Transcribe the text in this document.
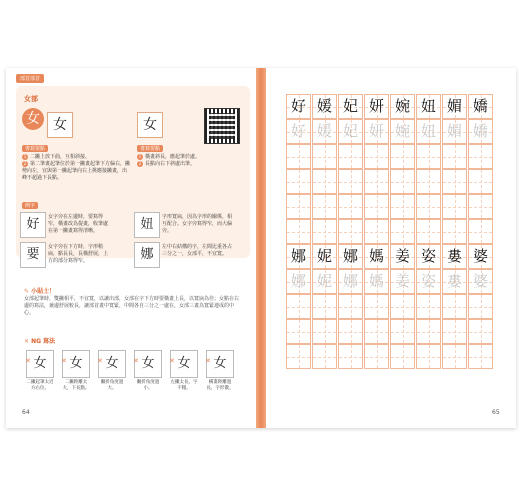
部首部首
女部
女 女	女
書寫要點	書寫要點
1 二撇上放下曲，互相斜接。
2 第二筆畫起筆位於第一撇畫起筆下方偏右，撇勢向左，宜與第一撇起筆向右上挑應接撇畫，出峰不超過下長點。
1 橫畫斜長，應起筆於處。
2 長點向右下斜處出筆。
例字
好	女字旁在左邊時，要寫得窄，橫畫改為提畫，收筆處在第一撇畫寫得清晰。	妞	字形寬扁，因為字形的關係，相互配合。女字旁寫得窄，而大偏旁。
要	女字旁在下方時，字形稍扁，點長長，長橫舒展，上方的部分寫得窄。	娜	左中右結構的字，左間比重各占三分之一，女部平，不宜寬。
✎ 小貼士！
女部起筆時，雙撇相平，不宜寬，以讓出部，女部在字下方時要橫畫上長，以寬扁為佳；女點在右邊的寫法，兼邊舒展較長，讓部首畫中寬緊，中間各自三分之一處在，女部三畫為寬緊連成的中心。
✕ NG 寫法
✕ 女
二撇起筆太近方右位。
✕ 女
二撇距離太大，下長點。
✕ 女
撇折角度過大。
✕ 女
撇折角度過小。
✕ 女
左撇太長，字不穩。
✕ 女
橫畫距離過長，字形散。
64
好 媛 妃 妍 婉 妞 媚 嬌
好 媛 妃 妍 婉 妞 媚 嬌
娜 妮 娜 媽 姜 姿 婁 婆
娜 妮 娜 媽 姜 姿 婁 婆
65
